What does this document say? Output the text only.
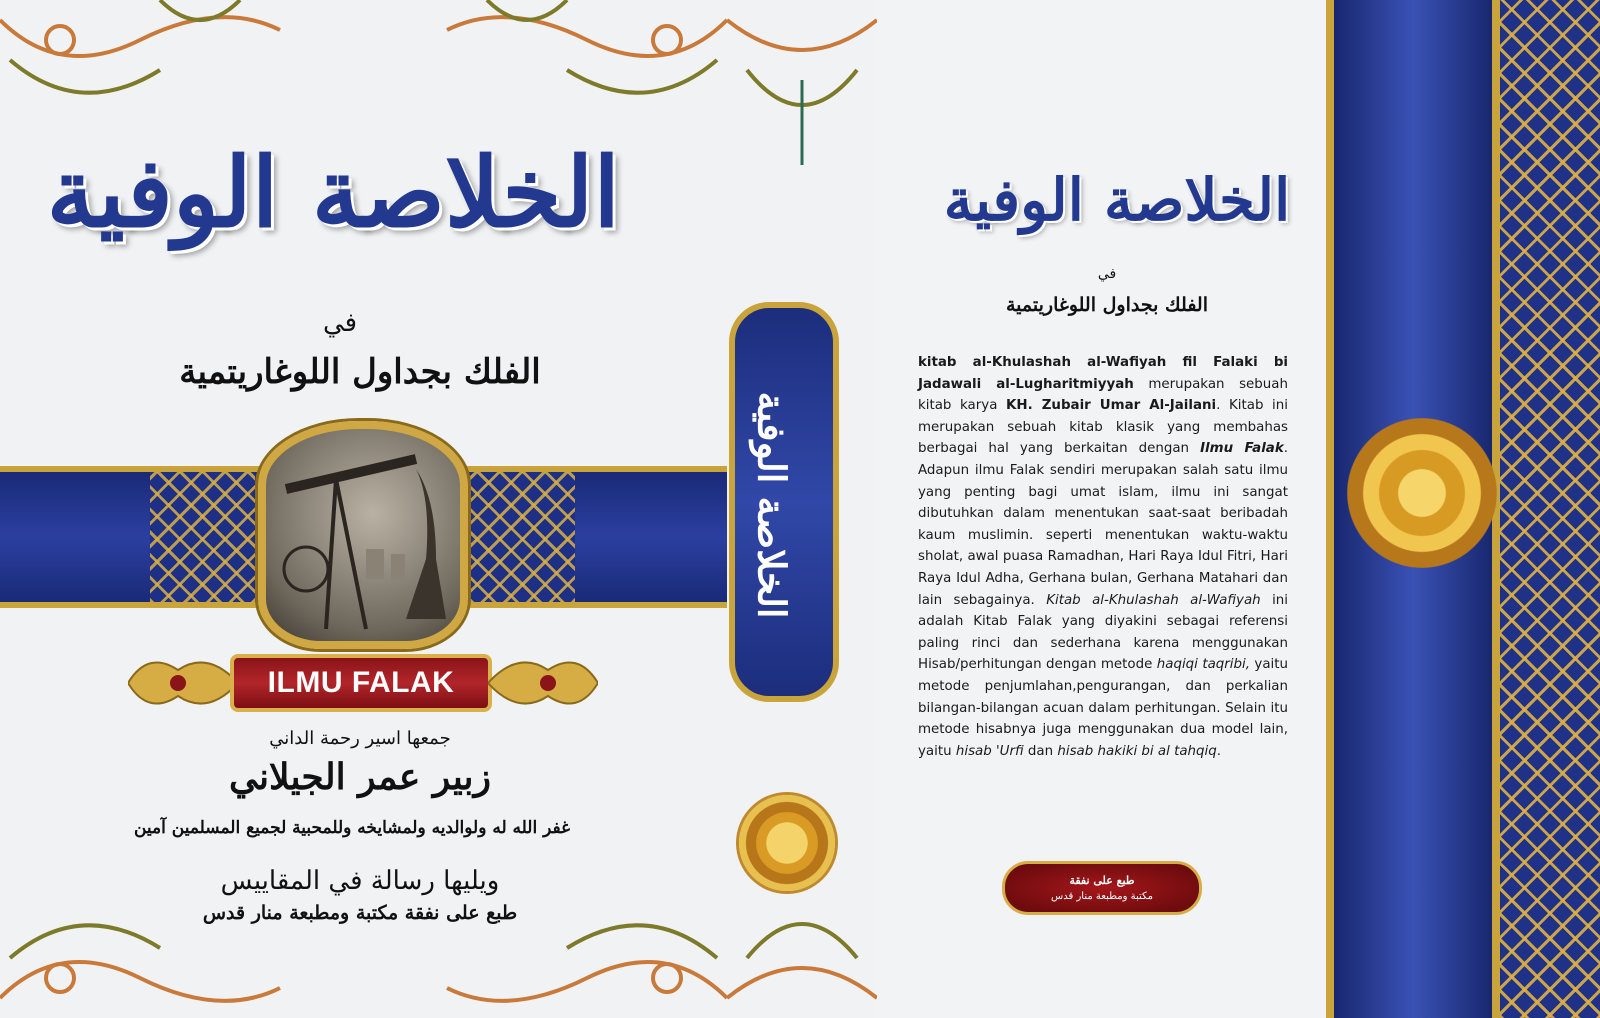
الخلاصة الوفية
في
الفلك بجداول اللوغاريتمية
ILMU FALAK
جمعها اسير رحمة الداني
زبير عمر الجيلاني
غفر الله له ولوالديه ولمشايخه وللمحبية لجميع المسلمين آمين
ويليها رسالة في المقاييس
طبع على نفقة مكتبة ومطبعة منار قدس
الخلاصة الوفية
الخلاصة الوفية
في
الفلك بجداول اللوغاريتمية
kitab al-Khulashah al-Wafiyah fil Falaki bi Jadawali al-Lugharitmiyyah merupakan sebuah kitab karya KH. Zubair Umar Al-Jailani. Kitab ini merupakan sebuah kitab klasik yang membahas berbagai hal yang berkaitan dengan Ilmu Falak. Adapun ilmu Falak sendiri merupakan salah satu ilmu yang penting bagi umat islam, ilmu ini sangat dibutuhkan dalam menentukan saat-saat beribadah kaum muslimin. seperti menentukan waktu-waktu sholat, awal puasa Ramadhan, Hari Raya Idul Fitri, Hari Raya Idul Adha, Gerhana bulan, Gerhana Matahari dan lain sebagainya. Kitab al-Khulashah al-Wafiyah ini adalah Kitab Falak yang diyakini sebagai referensi paling rinci dan sederhana karena menggunakan Hisab/perhitungan dengan metode haqiqi taqribi, yaitu metode penjumlahan,pengurangan, dan perkalian bilangan-bilangan acuan dalam perhitungan. Selain itu metode hisabnya juga menggunakan dua model lain, yaitu hisab 'Urfi dan hisab hakiki bi al tahqiq.
طبع على نفقة
مكتبة ومطبعة منار قدس
